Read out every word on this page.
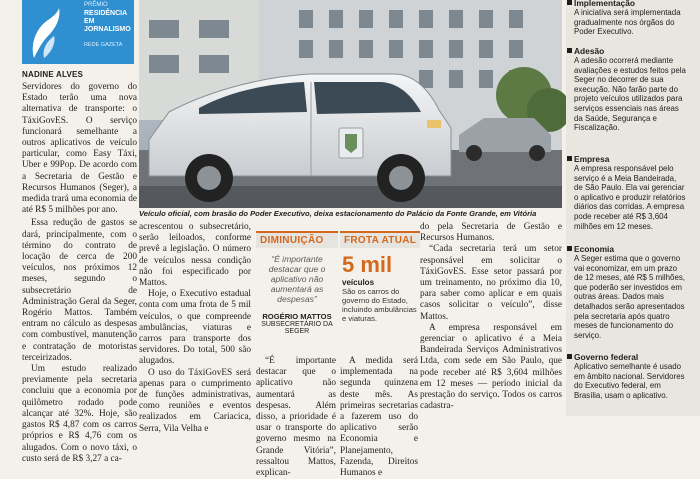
PRÊMIO
RESIDÊNCIA EM JORNALISMO
REDE GAZETA
NADINE ALVES

Servidores do governo do Estado terão uma nova alternativa de transporte: o TáxiGovES. O serviço funcionará semelhante a outros aplicativos de veículo particular, como Easy Táxi, Uber e 99Pop. De acordo com a Secretaria de Gestão e Recursos Humanos (Seger), a medida trará uma economia de até R$ 5 milhões por ano.

Essa redução de gastos se dará, principalmente, com o término do contrato de locação de cerca de 200 veículos, nos próximos 12 meses, segundo o subsecretário de Administração Geral da Seger, Rogério Mattos. Também entram no cálculo as despesas com combustível, manutenção e contratação de motoristas terceirizados.

Um estudo realizado previamente pela secretaria concluiu que a economia por quilômetro rodado pode alcançar até 32%. Hoje, são gastos R$ 4,87 com os carros próprios e R$ 4,76 com os alugados. Com o novo táxi, o custo será de R$ 3,27 a ca-

Veículo oficial, com brasão do Poder Executivo, deixa estacionamento do Palácio da Fonte Grande, em Vitória

acrescentou o subsecretário, serão leiloados, conforme prevê a legislação. O número de veículos nessa condição não foi especificado por Mattos.

Hoje, o Executivo estadual conta com uma frota de 5 mil veículos, o que compreende ambulâncias, viaturas e carros para transporte dos servidores. Do total, 500 são alugados.

O uso do TáxiGovES será apenas para o cumprimento de funções administrativas, como reuniões e eventos realizados em Cariacica, Serra, Vila Velha e

DIMINUIÇÃO
“É importante destacar que o aplicativo não aumentará as despesas”
ROGÉRIO MATTOS
SUBSECRETÁRIO DA SEGER
FROTA ATUAL
5 mil
veículos
São os carros do governo do Estado, incluindo ambulâncias e viaturas.

“É importante destacar que o aplicativo não aumentará as despesas. Além disso, a prioridade é usar o transporte do governo mesmo na Grande Vitória”, ressaltou Mattos, explican-

A medida será implementada na segunda quinzena deste mês. As primeiras secretarias a fazerem uso do aplicativo serão Economia e Planejamento, Fazenda, Direitos Humanos e

do pela Secretaria de Gestão e Recursos Humanos.

“Cada secretaria terá um setor responsável em solicitar o TáxiGovES. Esse setor passará por um treinamento, no próximo dia 10, para saber como aplicar e em quais casos solicitar o veículo”, disse Mattos.

A empresa responsável em gerenciar o aplicativo é a Meia Bandeirada Serviços Administrativos Ltda, com sede em São Paulo, que pode receber até R$ 3,604 milhões em 12 meses — período inicial da prestação do serviço. Todos os carros cadastra-

Implementação
A iniciativa será implementada gradualmente nos órgãos do Poder Executivo.
Adesão
A adesão ocorrerá mediante avaliações e estudos feitos pela Seger no decorrer de sua execução. Não farão parte do projeto veículos utilizados para serviços essenciais nas áreas da Saúde, Segurança e Fiscalização.
Empresa
A empresa responsável pelo serviço é a Meia Bandeirada, de São Paulo. Ela vai gerenciar o aplicativo e produzir relatórios diários das corridas. A empresa pode receber até R$ 3,604 milhões em 12 meses.
Economia
A Seger estima que o governo vai economizar, em um prazo de 12 meses, até R$ 5 milhões, que poderão ser investidos em outras áreas. Dados mais detalhados serão apresentados pela secretaria após quatro meses de funcionamento do serviço.
Governo federal
Aplicativo semelhante é usado em âmbito nacional. Servidores do Executivo federal, em Brasília, usam o aplicativo.
